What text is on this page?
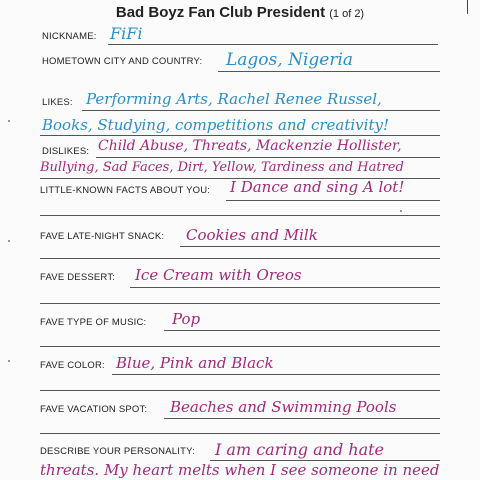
Bad Boyz Fan Club President (1 of 2)
NICKNAME: FiFi
HOMETOWN CITY AND COUNTRY: Lagos, Nigeria
LIKES: Performing Arts, Rachel Renee Russel,
Books, Studying, competitions and creativity!
DISLIKES: Child Abuse, Threats, Mackenzie Hollister,
Bullying, Sad Faces, Dirt, Yellow, Tardiness and Hatred
LITTLE-KNOWN FACTS ABOUT YOU: I Dance and sing A lot!
FAVE LATE-NIGHT SNACK: Cookies and Milk
FAVE DESSERT: Ice Cream with Oreos
FAVE TYPE OF MUSIC: Pop
FAVE COLOR: Blue, Pink and Black
FAVE VACATION SPOT: Beaches and Swimming Pools
DESCRIBE YOUR PERSONALITY: I am caring and hate
threats. My heart melts when I see someone in need
